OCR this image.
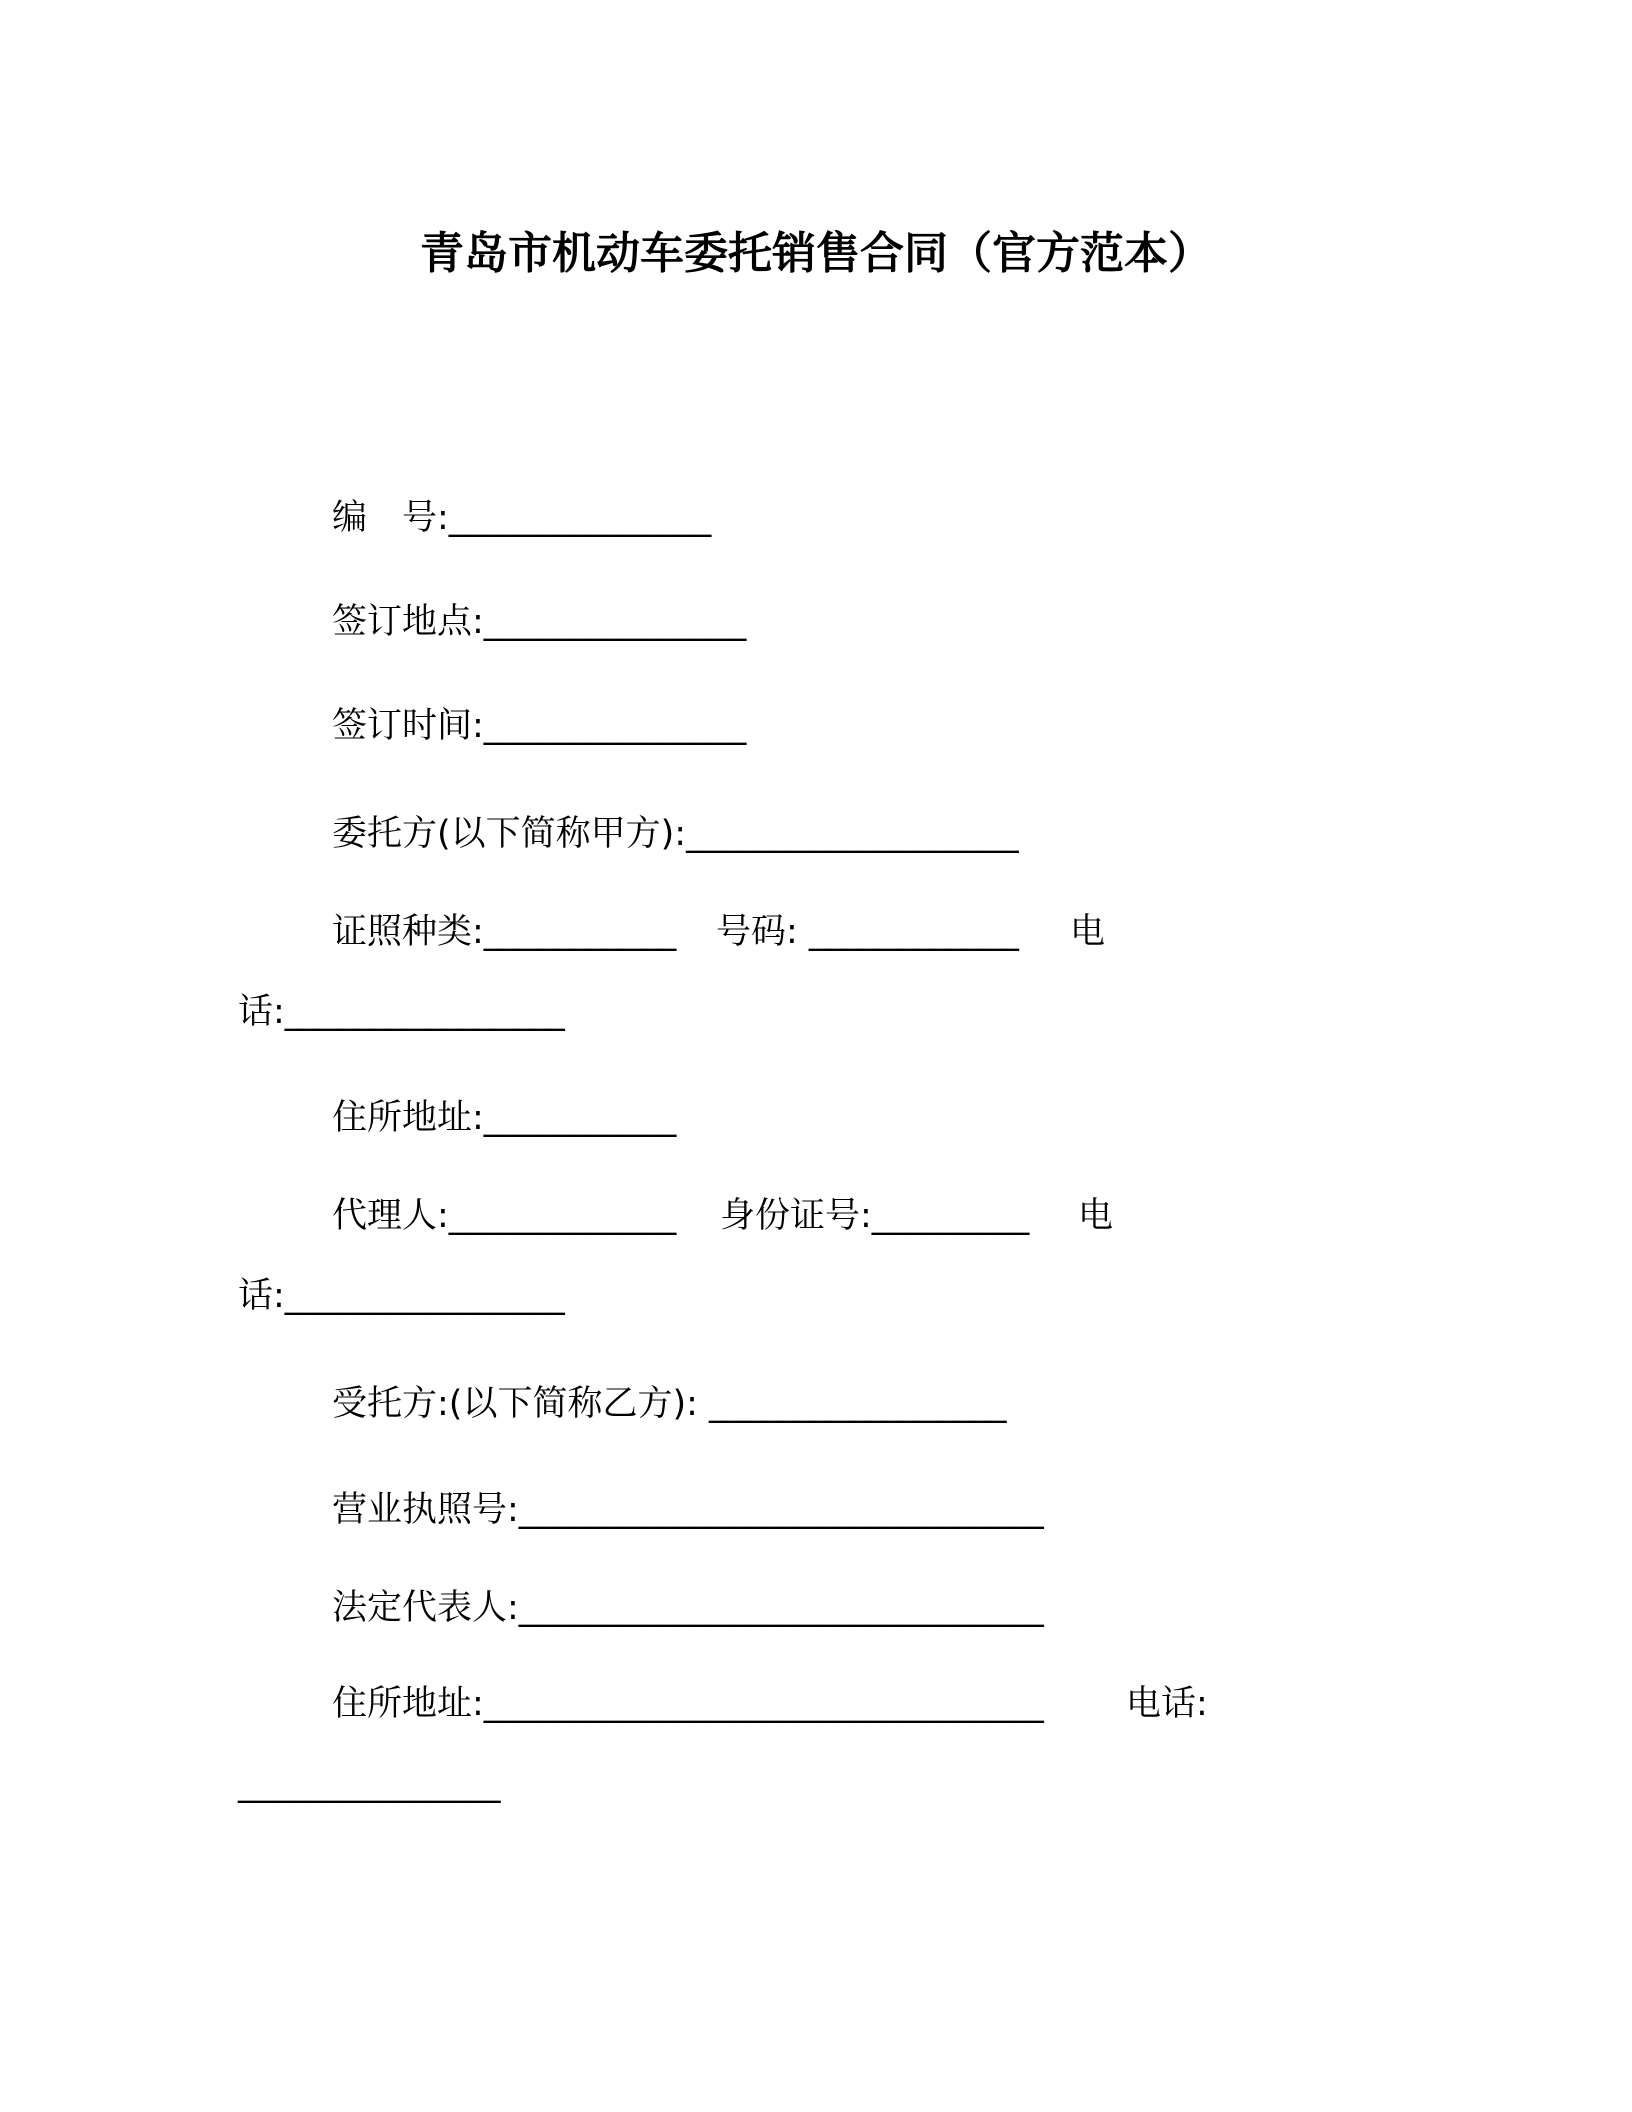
青岛市机动车委托销售合同（官方范本）
编　号:_______________
签订地点:_______________
签订时间:_______________
委托方(以下简称甲方):___________________
证照种类:___________ 号码: ____________ 电
话:________________
住所地址:___________
代理人:_____________ 身份证号:_________ 电
话:________________
受托方:(以下简称乙方): _________________
营业执照号:______________________________
法定代表人:______________________________
住所地址:________________________________ 电话:
_______________
